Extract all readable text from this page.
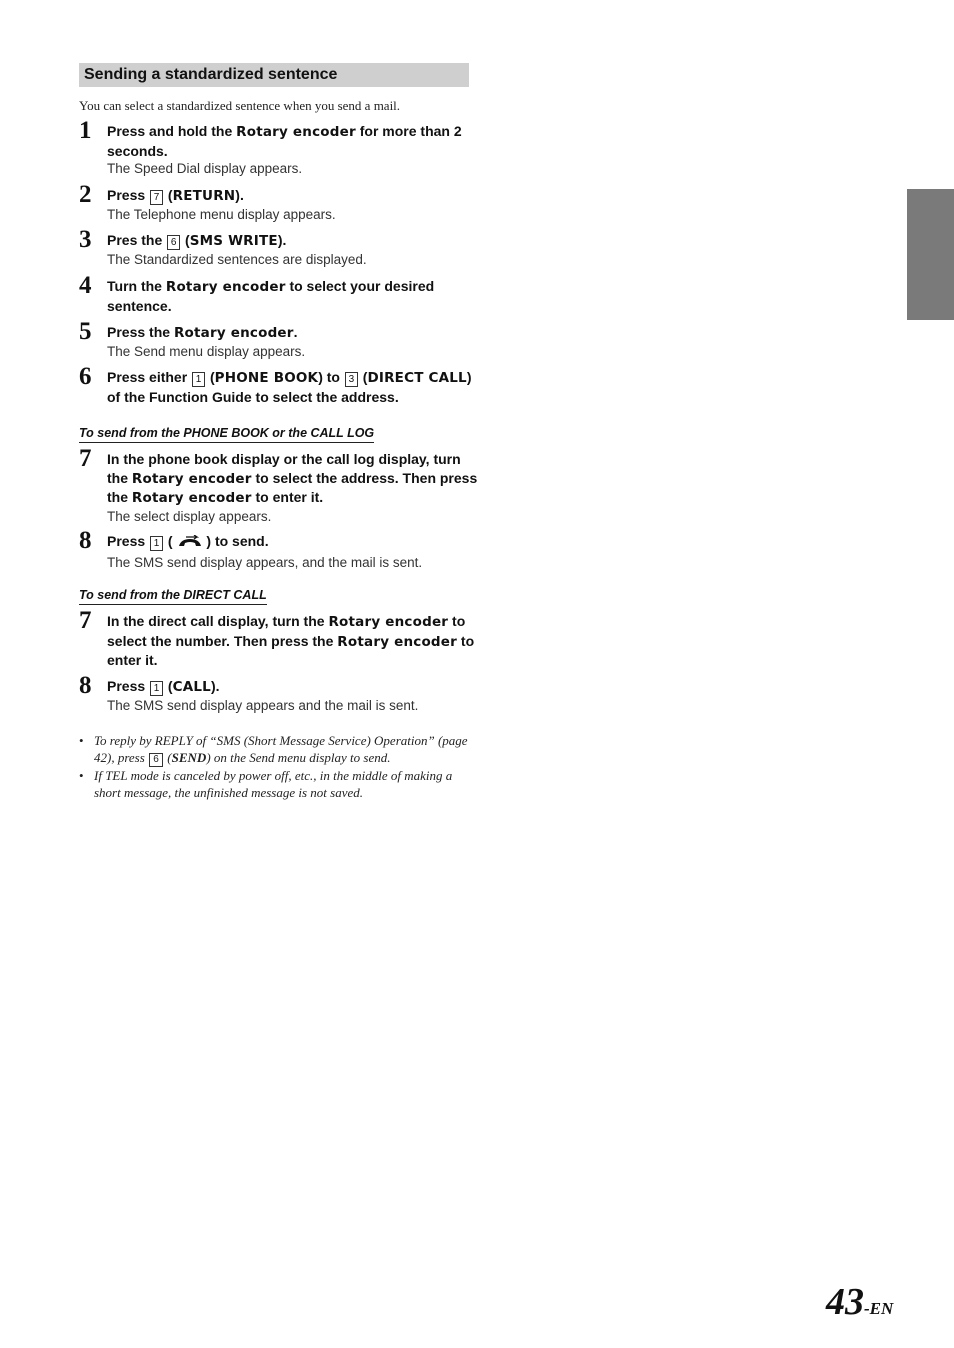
Sending a standardized sentence
You can select a standardized sentence when you send a mail.
1	Press and hold the Rotary encoder for more than 2 seconds.
The Speed Dial display appears.
2	Press 7 (RETURN).
The Telephone menu display appears.
3	Pres the 6 (SMS WRITE).
The Standardized sentences are displayed.
4	Turn the Rotary encoder to select your desired sentence.
5	Press the Rotary encoder.
The Send menu display appears.
6	Press either 1 (PHONE BOOK) to 3 (DIRECT CALL) of the Function Guide to select the address.
To send from the PHONE BOOK or the CALL LOG
7	In the phone book display or the call log display, turn the Rotary encoder to select the address. Then press the Rotary encoder to enter it.
The select display appears.
8	Press 1 (  ) to send.
The SMS send display appears, and the mail is sent.
To send from the DIRECT CALL
7	In the direct call display, turn the Rotary encoder to select the number. Then press the Rotary encoder to enter it.
8	Press 1 (CALL).
The SMS send display appears and the mail is sent.
• To reply by REPLY of “SMS (Short Message Service) Operation” (page 42), press 6 (SEND) on the Send menu display to send.
• If TEL mode is canceled by power off, etc., in the middle of making a short message, the unfinished message is not saved.
43-EN
